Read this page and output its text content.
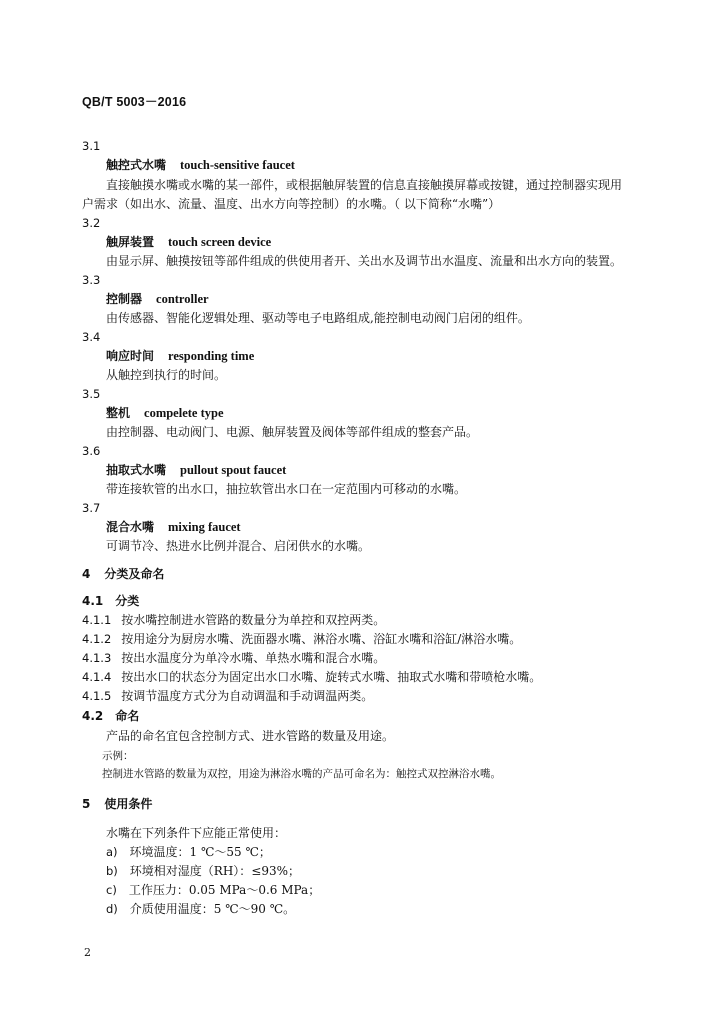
QB/T 5003－2016
3.1
触控式水嘴 touch-sensitive faucet
直接触摸水嘴或水嘴的某一部件，或根据触屏装置的信息直接触摸屏幕或按键，通过控制器实现用
户需求（如出水、流量、温度、出水方向等控制）的水嘴。（ 以下简称“水嘴”）
3.2
触屏装置 touch screen device
由显示屏、触摸按钮等部件组成的供使用者开、关出水及调节出水温度、流量和出水方向的装置。
3.3
控制器 controller
由传感器、智能化逻辑处理、驱动等电子电路组成,能控制电动阀门启闭的组件。
3.4
响应时间 responding time
从触控到执行的时间。
3.5
整机 compelete type
由控制器、电动阀门、电源、触屏装置及阀体等部件组成的整套产品。
3.6
抽取式水嘴 pullout spout faucet
带连接软管的出水口，抽拉软管出水口在一定范围内可移动的水嘴。
3.7
混合水嘴 mixing faucet
可调节冷、热进水比例并混合、启闭供水的水嘴。
4 分类及命名
4.1 分类
4.1.1 按水嘴控制进水管路的数量分为单控和双控两类。
4.1.2 按用途分为厨房水嘴、洗面器水嘴、淋浴水嘴、浴缸水嘴和浴缸/淋浴水嘴。
4.1.3 按出水温度分为单冷水嘴、单热水嘴和混合水嘴。
4.1.4 按出水口的状态分为固定出水口水嘴、旋转式水嘴、抽取式水嘴和带喷枪水嘴。
4.1.5 按调节温度方式分为自动调温和手动调温两类。
4.2 命名
产品的命名宜包含控制方式、进水管路的数量及用途。
示例：
控制进水管路的数量为双控，用途为淋浴水嘴的产品可命名为：触控式双控淋浴水嘴。
5 使用条件
水嘴在下列条件下应能正常使用：
a) 环境温度：1 ℃～55 ℃；
b) 环境相对湿度（RH）：≤93%；
c) 工作压力：0.05 MPa～0.6 MPa；
d) 介质使用温度：5 ℃～90 ℃。
2
